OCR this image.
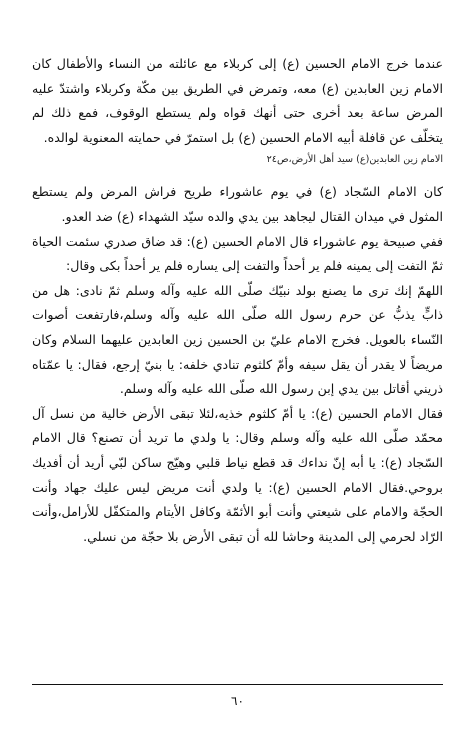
عندما خرج الامام الحسين (ع) إلى كربلاء مع عائلته من النساء والأطفال كان الامام زين العابدين (ع) معه، وتمرض في الطريق بين مكّة وكربلاء واشتدّ عليه المرض ساعة بعد أخرى حتى أنهك قواه ولم يستطع الوقوف، فمع ذلك لم يتخلّف عن قافلة أبيه الامام الحسين (ع) بل استمرّ في حمايته المعنوية لوالده.

الامام زين العابدين(ع) سيد أهل الأرض،ص٢٤

كان الامام السّجاد (ع) في يوم عاشوراء طريح فراش المرض ولم يستطع المثول في ميدان القتال ليجاهد بين يدي والده سيّد الشهداء (ع) ضد العدو.

ففي صبيحة يوم عاشوراء قال الامام الحسين (ع): قد ضاق صدري سئمت الحياة ثمّ التفت إلى يمينه فلم ير أحداً والتفت إلى يساره فلم ير أحداً بكى وقال:

اللهمّ إنك ترى ما يصنع بولد نبيّك صلّى الله عليه وآله وسلم ثمّ نادى: هل من ذابٍّ يذبُّ عن حرم رسول الله صلّى الله عليه وآله وسلم،فارتفعت أصوات النّساء بالعويل. فخرج الامام عليّ بن الحسين زين العابدين عليهما السلام وكان مريضاً لا يقدر أن يقل سيفه وأمّ كلثوم تنادي خلفه: يا بنيّ إرجع، فقال: يا عمّتاه ذريني أقاتل بين يدي إبن رسول الله صلّى الله عليه وآله وسلم.

فقال الامام الحسين (ع): يا أمّ كلثوم خذيه،لئلا تبقى الأرض خالية من نسل آل محمّد صلّى الله عليه وآله وسلم وقال: يا ولدي ما تريد أن تصنع؟ قال الامام السّجاد (ع): يا أبه إنّ نداءك قد قطع نياط قلبي وهيّج ساكن لبّي أريد أن أفديك بروحي.فقال الامام الحسين (ع): يا ولدي أنت مريض ليس عليك جهاد وأنت الحجّة والامام على شيعتي وأنت أبو الأئمّة وكافل الأيتام والمتكفّل للأرامل،وأنت الرّاد لحرمي إلى المدينة وحاشا لله أن تبقى الأرض بلا حجّة من نسلي.

٦٠
